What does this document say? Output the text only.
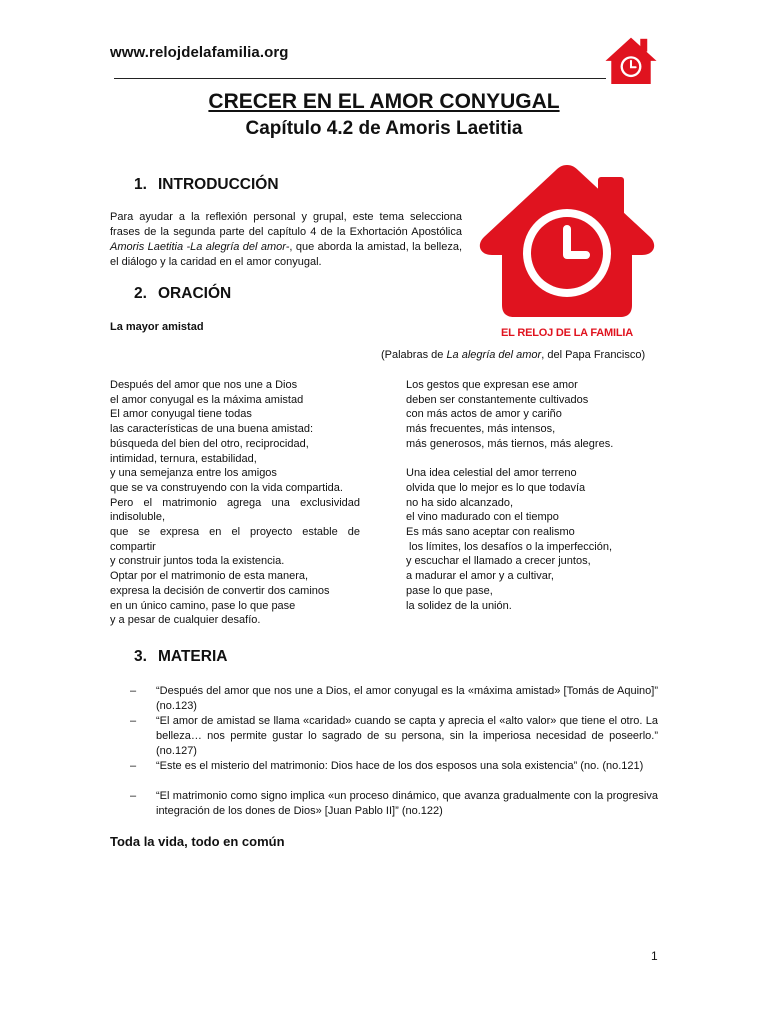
www.relojdelafamilia.org
CRECER EN EL AMOR CONYUGAL
Capítulo 4.2 de Amoris Laetitia
1. INTRODUCCIÓN
Para ayudar a la reflexión personal y grupal, este tema selecciona frases de la segunda parte del capítulo 4 de la Exhortación Apostólica Amoris Laetitia -La alegría del amor-, que aborda la amistad, la belleza, el diálogo y la caridad en el amor conyugal.
EL RELOJ DE LA FAMILIA
2. ORACIÓN
La mayor amistad
(Palabras de La alegría del amor, del Papa Francisco)
Después del amor que nos une a Dios
el amor conyugal es la máxima amistad
El amor conyugal tiene todas
las características de una buena amistad:
búsqueda del bien del otro, reciprocidad,
intimidad, ternura, estabilidad,
y una semejanza entre los amigos
que se va construyendo con la vida compartida.
Pero el matrimonio agrega una exclusividad
indisoluble,
que se expresa en el proyecto estable de
compartir
y construir juntos toda la existencia.
Optar por el matrimonio de esta manera,
expresa la decisión de convertir dos caminos
en un único camino, pase lo que pase
y a pesar de cualquier desafío.
Los gestos que expresan ese amor
deben ser constantemente cultivados
con más actos de amor y cariño
más frecuentes, más intensos,
más generosos, más tiernos, más alegres.

Una idea celestial del amor terreno
olvida que lo mejor es lo que todavía
no ha sido alcanzado,
el vino madurado con el tiempo
Es más sano aceptar con realismo
los límites, los desafíos o la imperfección,
y escuchar el llamado a crecer juntos,
a madurar el amor y a cultivar,
pase lo que pase,
la solidez de la unión.
3. MATERIA
– “Después del amor que nos une a Dios, el amor conyugal es la «máxima amistad» [Tomás de Aquino]” (no.123)
– “El amor de amistad se llama «caridad» cuando se capta y aprecia el «alto valor» que tiene el otro. La belleza… nos permite gustar lo sagrado de su persona, sin la imperiosa necesidad de poseerlo.” (no.127)
– “Este es el misterio del matrimonio: Dios hace de los dos esposos una sola existencia” (no. (no.121)
– “El matrimonio como signo implica «un proceso dinámico, que avanza gradualmente con la progresiva integración de los dones de Dios» [Juan Pablo II]” (no.122)
Toda la vida, todo en común
1
